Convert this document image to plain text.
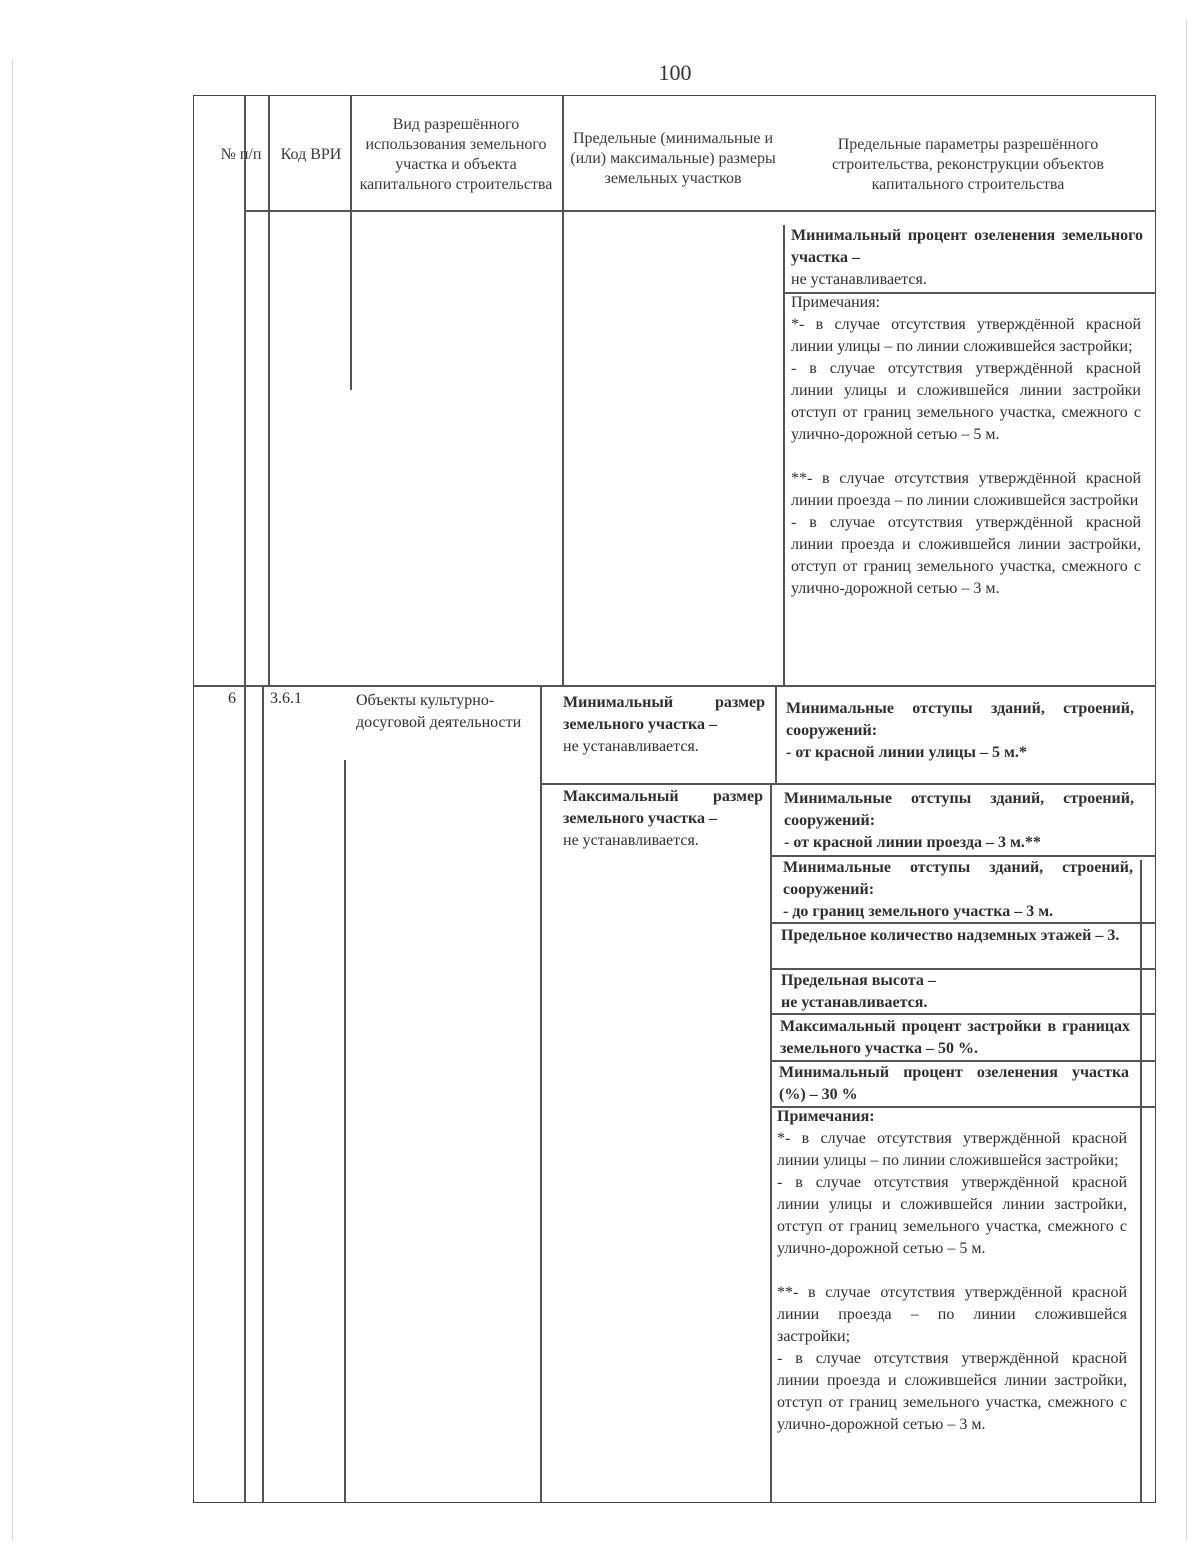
100
№ п/п	Код ВРИ
Вид разрешённого использования земельного участка и объекта капитального строительства
Предельные (минимальные и (или) максимальные) размеры земельных участков
Предельные параметры разрешённого строительства, реконструкции объектов капитального строительства
Минимальный процент озеленения земельного участка –
не устанавливается.
Примечания:
*- в случае отсутствия утверждённой красной линии улицы – по линии сложившейся застройки;
- в случае отсутствия утверждённой красной линии улицы и сложившейся линии застройки отступ от границ земельного участка, смежного с улично-дорожной сетью – 5 м.
**- в случае отсутствия утверждённой красной линии проезда – по линии сложившейся застройки
- в случае отсутствия утверждённой красной линии проезда и сложившейся линии застройки, отступ от границ земельного участка, смежного с улично-дорожной сетью – 3 м.
6 3.6.1	Объекты культурно-досуговой деятельности
Минимальный размер земельного участка –
не устанавливается.
Максимальный размер земельного участка –
не устанавливается.
Минимальные отступы зданий, строений, сооружений:
- от красной линии улицы – 5 м.*
Минимальные отступы зданий, строений, сооружений:
- от красной линии проезда – 3 м.**
Минимальные отступы зданий, строений, сооружений:
- до границ земельного участка – 3 м.
Предельное количество надземных этажей – 3.
Предельная высота –
не устанавливается.
Максимальный процент застройки в границах земельного участка – 50 %.
Минимальный процент озеленения участка (%) – 30 %
Примечания:
*- в случае отсутствия утверждённой красной линии улицы – по линии сложившейся застройки;
- в случае отсутствия утверждённой красной линии улицы и сложившейся линии застройки, отступ от границ земельного участка, смежного с улично-дорожной сетью – 5 м.
**- в случае отсутствия утверждённой красной линии проезда – по линии сложившейся застройки;
- в случае отсутствия утверждённой красной линии проезда и сложившейся линии застройки, отступ от границ земельного участка, смежного с улично-дорожной сетью – 3 м.
